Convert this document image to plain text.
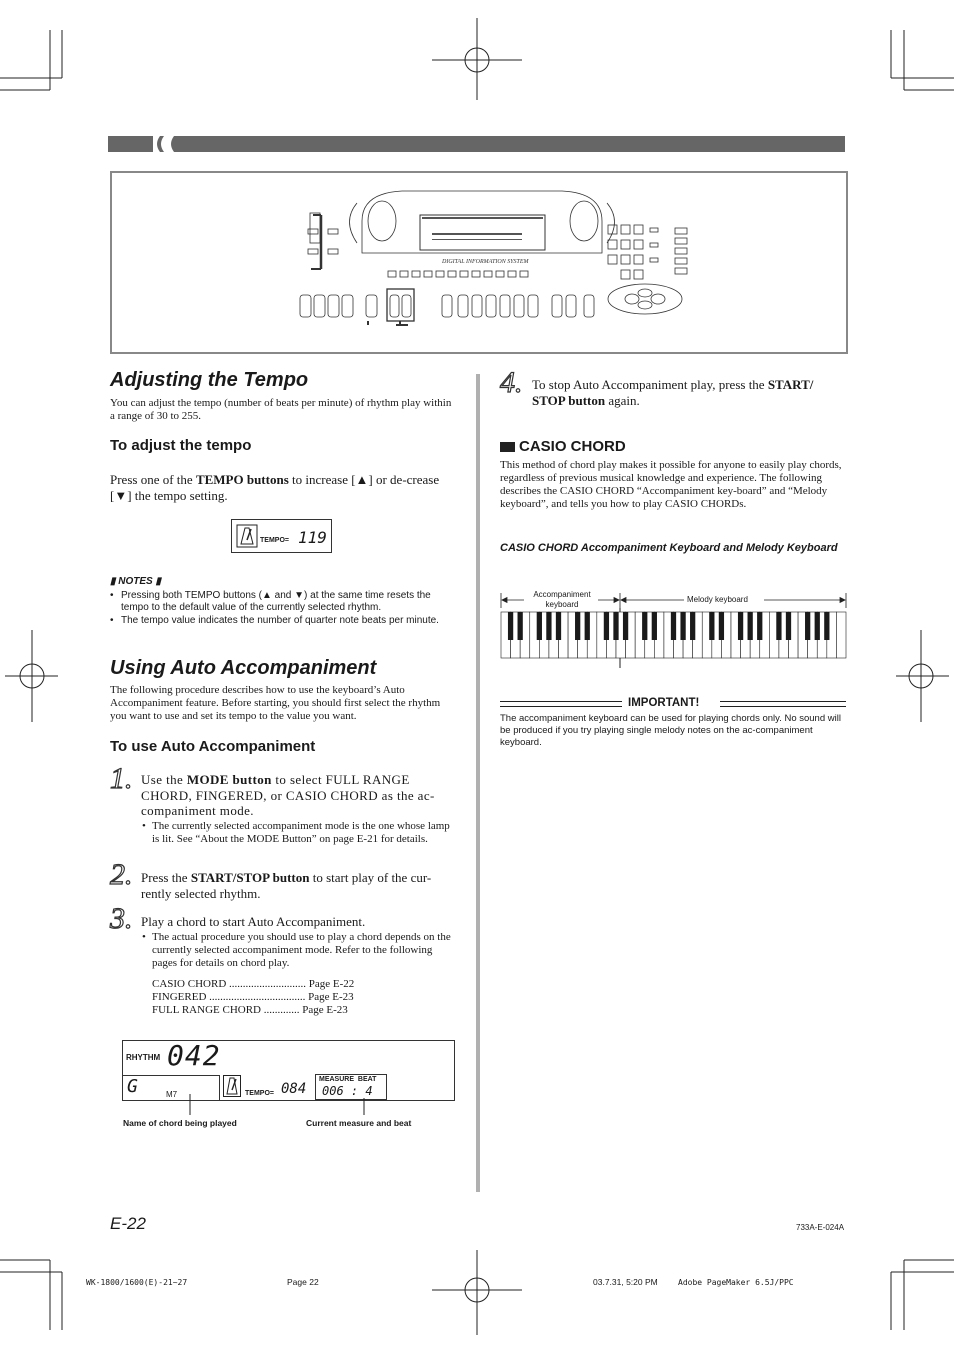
DIGITAL INFORMATION SYSTEM
Adjusting the Tempo
You can adjust the tempo (number of beats per minute) of rhythm play within a range of 30 to 255.
To adjust the tempo
Press one of the TEMPO buttons to increase [▲] or de-crease [▼] the tempo setting.
TEMPO= 119
▮ NOTES ▮
• Pressing both TEMPO buttons (▲ and ▼) at the same time resets the tempo to the default value of the currently selected rhythm.
• The tempo value indicates the number of quarter note beats per minute.
Using Auto Accompaniment
The following procedure describes how to use the keyboard’s Auto Accompaniment feature. Before starting, you should first select the rhythm you want to use and set its tempo to the value you want.
To use Auto Accompaniment
1. Use the MODE button to select FULL RANGE CHORD, FINGERED, or CASIO CHORD as the ac-companiment mode.
• The currently selected accompaniment mode is the one whose lamp is lit. See “About the MODE Button” on page E-21 for details.
2. Press the START/STOP button to start play of the cur-rently selected rhythm.
3. Play a chord to start Auto Accompaniment.
• The actual procedure you should use to play a chord depends on the currently selected accompaniment mode. Refer to the following pages for details on chord play.
CASIO CHORD ............................ Page E-22
FINGERED ................................... Page E-23
FULL RANGE CHORD ............. Page E-23
RHYTHM 042
G	M7	TEMPO= 084
MEASURE  BEAT
006 : 4
Name of chord being played	Current measure and beat
4. To stop Auto Accompaniment play, press the START/ STOP button again.
CASIO CHORD
This method of chord play makes it possible for anyone to easily play chords, regardless of previous musical knowledge and experience. The following describes the CASIO CHORD “Accompaniment key-board” and “Melody keyboard”, and tells you how to play CASIO CHORDs.
CASIO CHORD Accompaniment Keyboard and Melody Keyboard
Accompaniment keyboard
Melody keyboard
IMPORTANT!
The accompaniment keyboard can be used for playing chords only. No sound will be produced if you try playing single melody notes on the ac-companiment keyboard.
E-22	733A-E-024A
WK-1800/1600(E)-21~27	Page 22	03.7.31, 5:20 PM	Adobe PageMaker 6.5J/PPC
